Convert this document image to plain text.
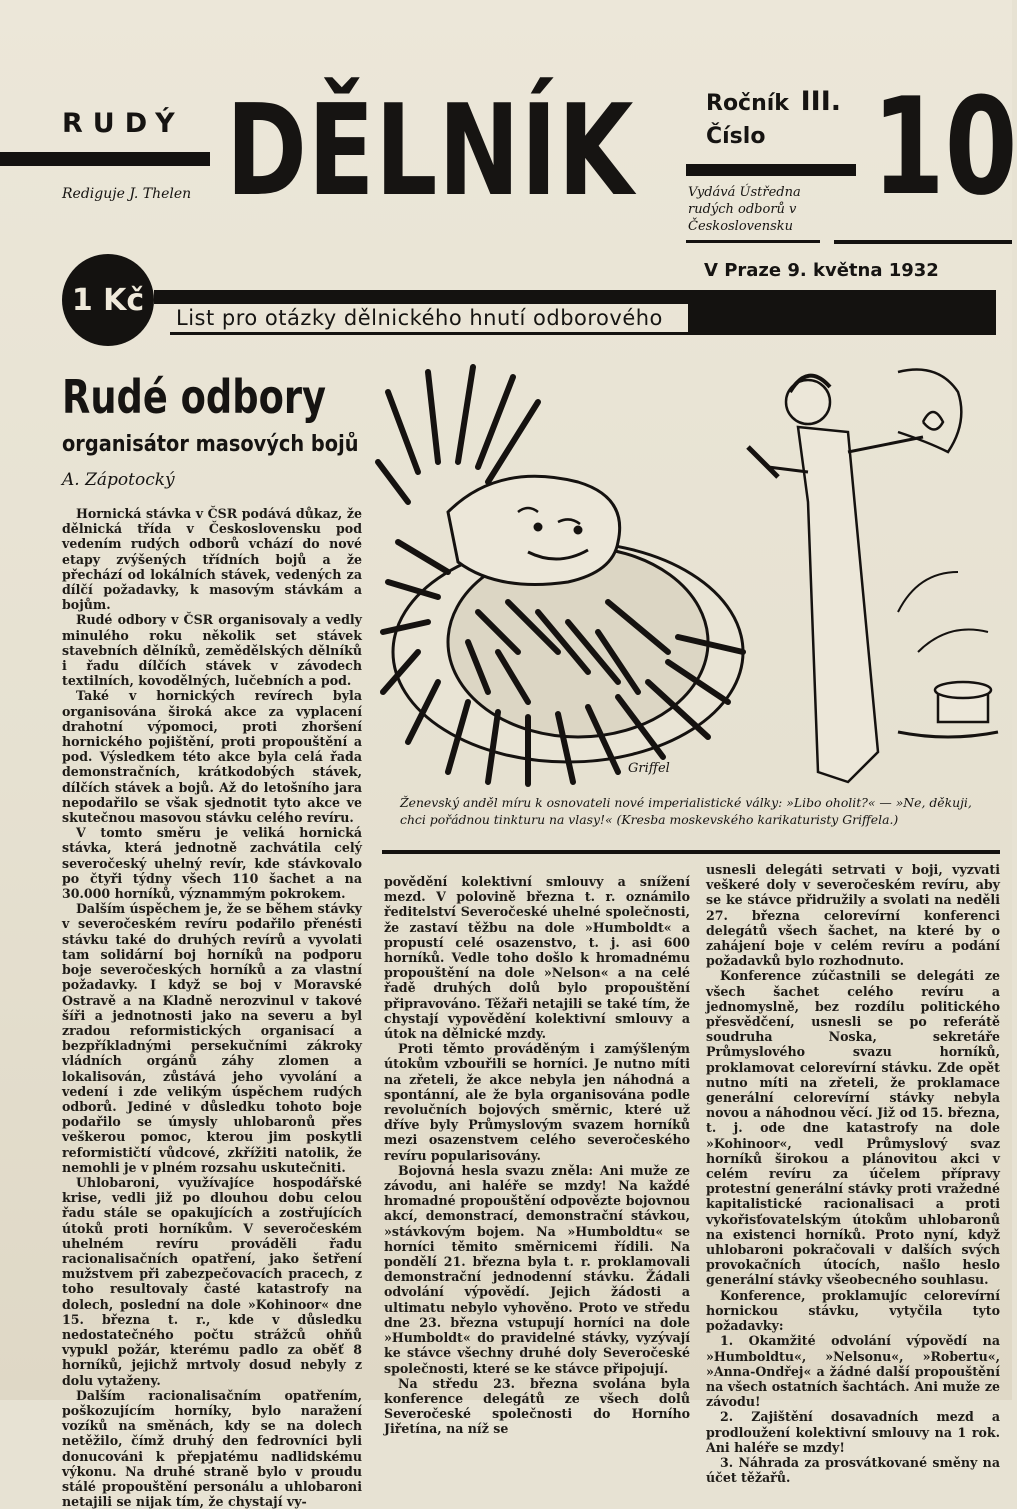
RUDÝ DĚLNÍK
Rediguje J. Thelen
Ročník III.
Číslo 10
Vydává Ústředna rudých odborů v Československu
V Praze 9. května 1932
1 Kč
List pro otázky dělnického hnutí odborového
Rudé odbory
organisátor masových bojů
A. Zápotocký
Griffel
Ženevský anděl míru k osnovateli nové imperialistické války: »Libo oholit?« — »Ne, děkuji, chci pořádnou tinkturu na vlasy!« (Kresba moskevského karikaturisty Griffela.)

Hornická stávka v ČSR podává důkaz, že dělnická třída v Československu pod vedením rudých odborů vchází do nové etapy zvýšených třídních bojů a že přechází od lokálních stávek, vedených za dílčí požadavky, k masovým stávkám a bojům.

Rudé odbory v ČSR organisovaly a vedly minulého roku několik set stávek stavebních dělníků, zemědělských dělníků i řadu dílčích stávek v závodech textilních, kovodělných, lučebních a pod.

Také v hornických revírech byla organisována široká akce za vyplacení drahotní výpomoci, proti zhoršení hornického pojištění, proti propouštění a pod. Výsledkem této akce byla celá řada demonstračních, krátkodobých stávek, dílčích stávek a bojů. Až do letošního jara nepodařilo se však sjednotit tyto akce ve skutečnou masovou stávku celého revíru.

V tomto směru je veliká hornická stávka, která jednotně zachvátila celý severočeský uhelný revír, kde stávkovalo po čtyři týdny všech 110 šachet a na 30.000 horníků, význammým pokrokem.

Dalším úspěchem je, že se během stávky v severočeském revíru podařilo přenésti stávku také do druhých revírů a vyvolati tam solidární boj horníků na podporu boje severočeských horníků a za vlastní požadavky. I když se boj v Moravské Ostravě a na Kladně nerozvinul v takové šíři a jednotnosti jako na severu a byl zradou reformistických organisací a bezpříkladnými persekučními zákroky vládních orgánů záhy zlomen a lokalisován, zůstává jeho vyvolání a vedení i zde velikým úspěchem rudých odborů. Jediné v důsledku tohoto boje podařilo se úmysly uhlobaronů přes veškerou pomoc, kterou jim poskytli reformističtí vůdcové, zkřížiti natolik, že nemohli je v plném rozsahu uskutečniti.

Uhlobaroni, využívajíce hospodářské krise, vedli již po dlouhou dobu celou řadu stále se opakujících a zostřujících útoků proti horníkům. V severočeském uhelném revíru prováděli řadu racionalisačních opatření, jako šetření mužstvem při zabezpečovacích pracech, z toho resultovaly časté katastrofy na dolech, poslední na dole »Kohinoor« dne 15. března t. r., kde v důsledku nedostatečného počtu strážců ohňů vypukl požár, kterému padlo za oběť 8 horníků, jejichž mrtvoly dosud nebyly z dolu vytaženy.

Dalším racionalisačním opatřením, poškozujícím horníky, bylo naražení vozíků na směnách, kdy se na dolech netěžilo, čímž druhý den fedrovníci byli donucováni k přepjatému nadlidskému výkonu. Na druhé straně bylo v proudu stálé propouštění personálu a uhlobaroni netajili se nijak tím, že chystají vy-

povědění kolektivní smlouvy a snížení mezd. V polovině března t. r. oznámilo ředitelství Severočeské uhelné společnosti, že zastaví těžbu na dole »Humboldt« a propustí celé osazenstvo, t. j. asi 600 horníků. Vedle toho došlo k hromadnému propouštění na dole »Nelson« a na celé řadě druhých dolů bylo propouštění připravováno. Těžaři netajili se také tím, že chystají vypovědění kolektivní smlouvy a útok na dělnické mzdy.

Proti těmto prováděným i zamýšleným útokům vzbouřili se horníci. Je nutno míti na zřeteli, že akce nebyla jen náhodná a spontánní, ale že byla organisována podle revolučních bojových směrnic, které už dříve byly Průmyslovým svazem horníků mezi osazenstvem celého severočeského revíru popularisovány.

Bojovná hesla svazu zněla: Ani muže ze závodu, ani haléře se mzdy! Na každé hromadné propouštění odpovězte bojovnou akcí, demonstrací, demonstrační stávkou, »stávkovým bojem. Na »Humboldtu« se horníci těmito směrnicemi řídili. Na pondělí 21. března byla t. r. proklamovali demonstrační jednodenní stávku. Žádali odvolání výpovědí. Jejich žádosti a ultimatu nebylo vyhověno. Proto ve středu dne 23. března vstupují horníci na dole »Humboldt« do pravidelné stávky, vyzývají ke stávce všechny druhé doly Severočeské společnosti, které se ke stávce připojují.

Na středu 23. března svolána byla konference delegátů ze všech dolů Severočeské společnosti do Horního Jiřetína, na níž se

usnesli delegáti setrvati v boji, vyzvati veškeré doly v severočeském revíru, aby se ke stávce přidružily a svolati na neděli 27. března celorevírní konferenci delegátů všech šachet, na které by o zahájení boje v celém revíru a podání požadavků bylo rozhodnuto.

Konference zúčastnili se delegáti ze všech šachet celého revíru a jednomyslně, bez rozdílu politického přesvědčení, usnesli se po referátě soudruha Noska, sekretáře Průmyslového svazu horníků, proklamovat celorevírní stávku. Zde opět nutno míti na zřeteli, že proklamace generální celorevírní stávky nebyla novou a náhodnou věcí. Již od 15. března, t. j. ode dne katastrofy na dole »Kohinoor«, vedl Průmyslový svaz horníků širokou a plánovitou akci v celém revíru za účelem přípravy protestní generální stávky proti vražedné kapitalistické racionalisaci a proti vykořisťovatelským útokům uhlobaronů na existenci horníků. Proto nyní, když uhlobaroni pokračovali v dalších svých provokačních útocích, našlo heslo generální stávky všeobecného souhlasu.

Konference, proklamujíc celorevírní hornickou stávku, vytyčila tyto požadavky:

1. Okamžité odvolání výpovědí na »Humboldtu«, »Nelsonu«, »Robertu«, »Anna-Ondřej« a žádné další propouštění na všech ostatních šachtách. Ani muže ze závodu!

2. Zajištění dosavadních mezd a prodloužení kolektivní smlouvy na 1 rok. Ani haléře se mzdy!

3. Náhrada za prosvátkované směny na účet těžařů.
